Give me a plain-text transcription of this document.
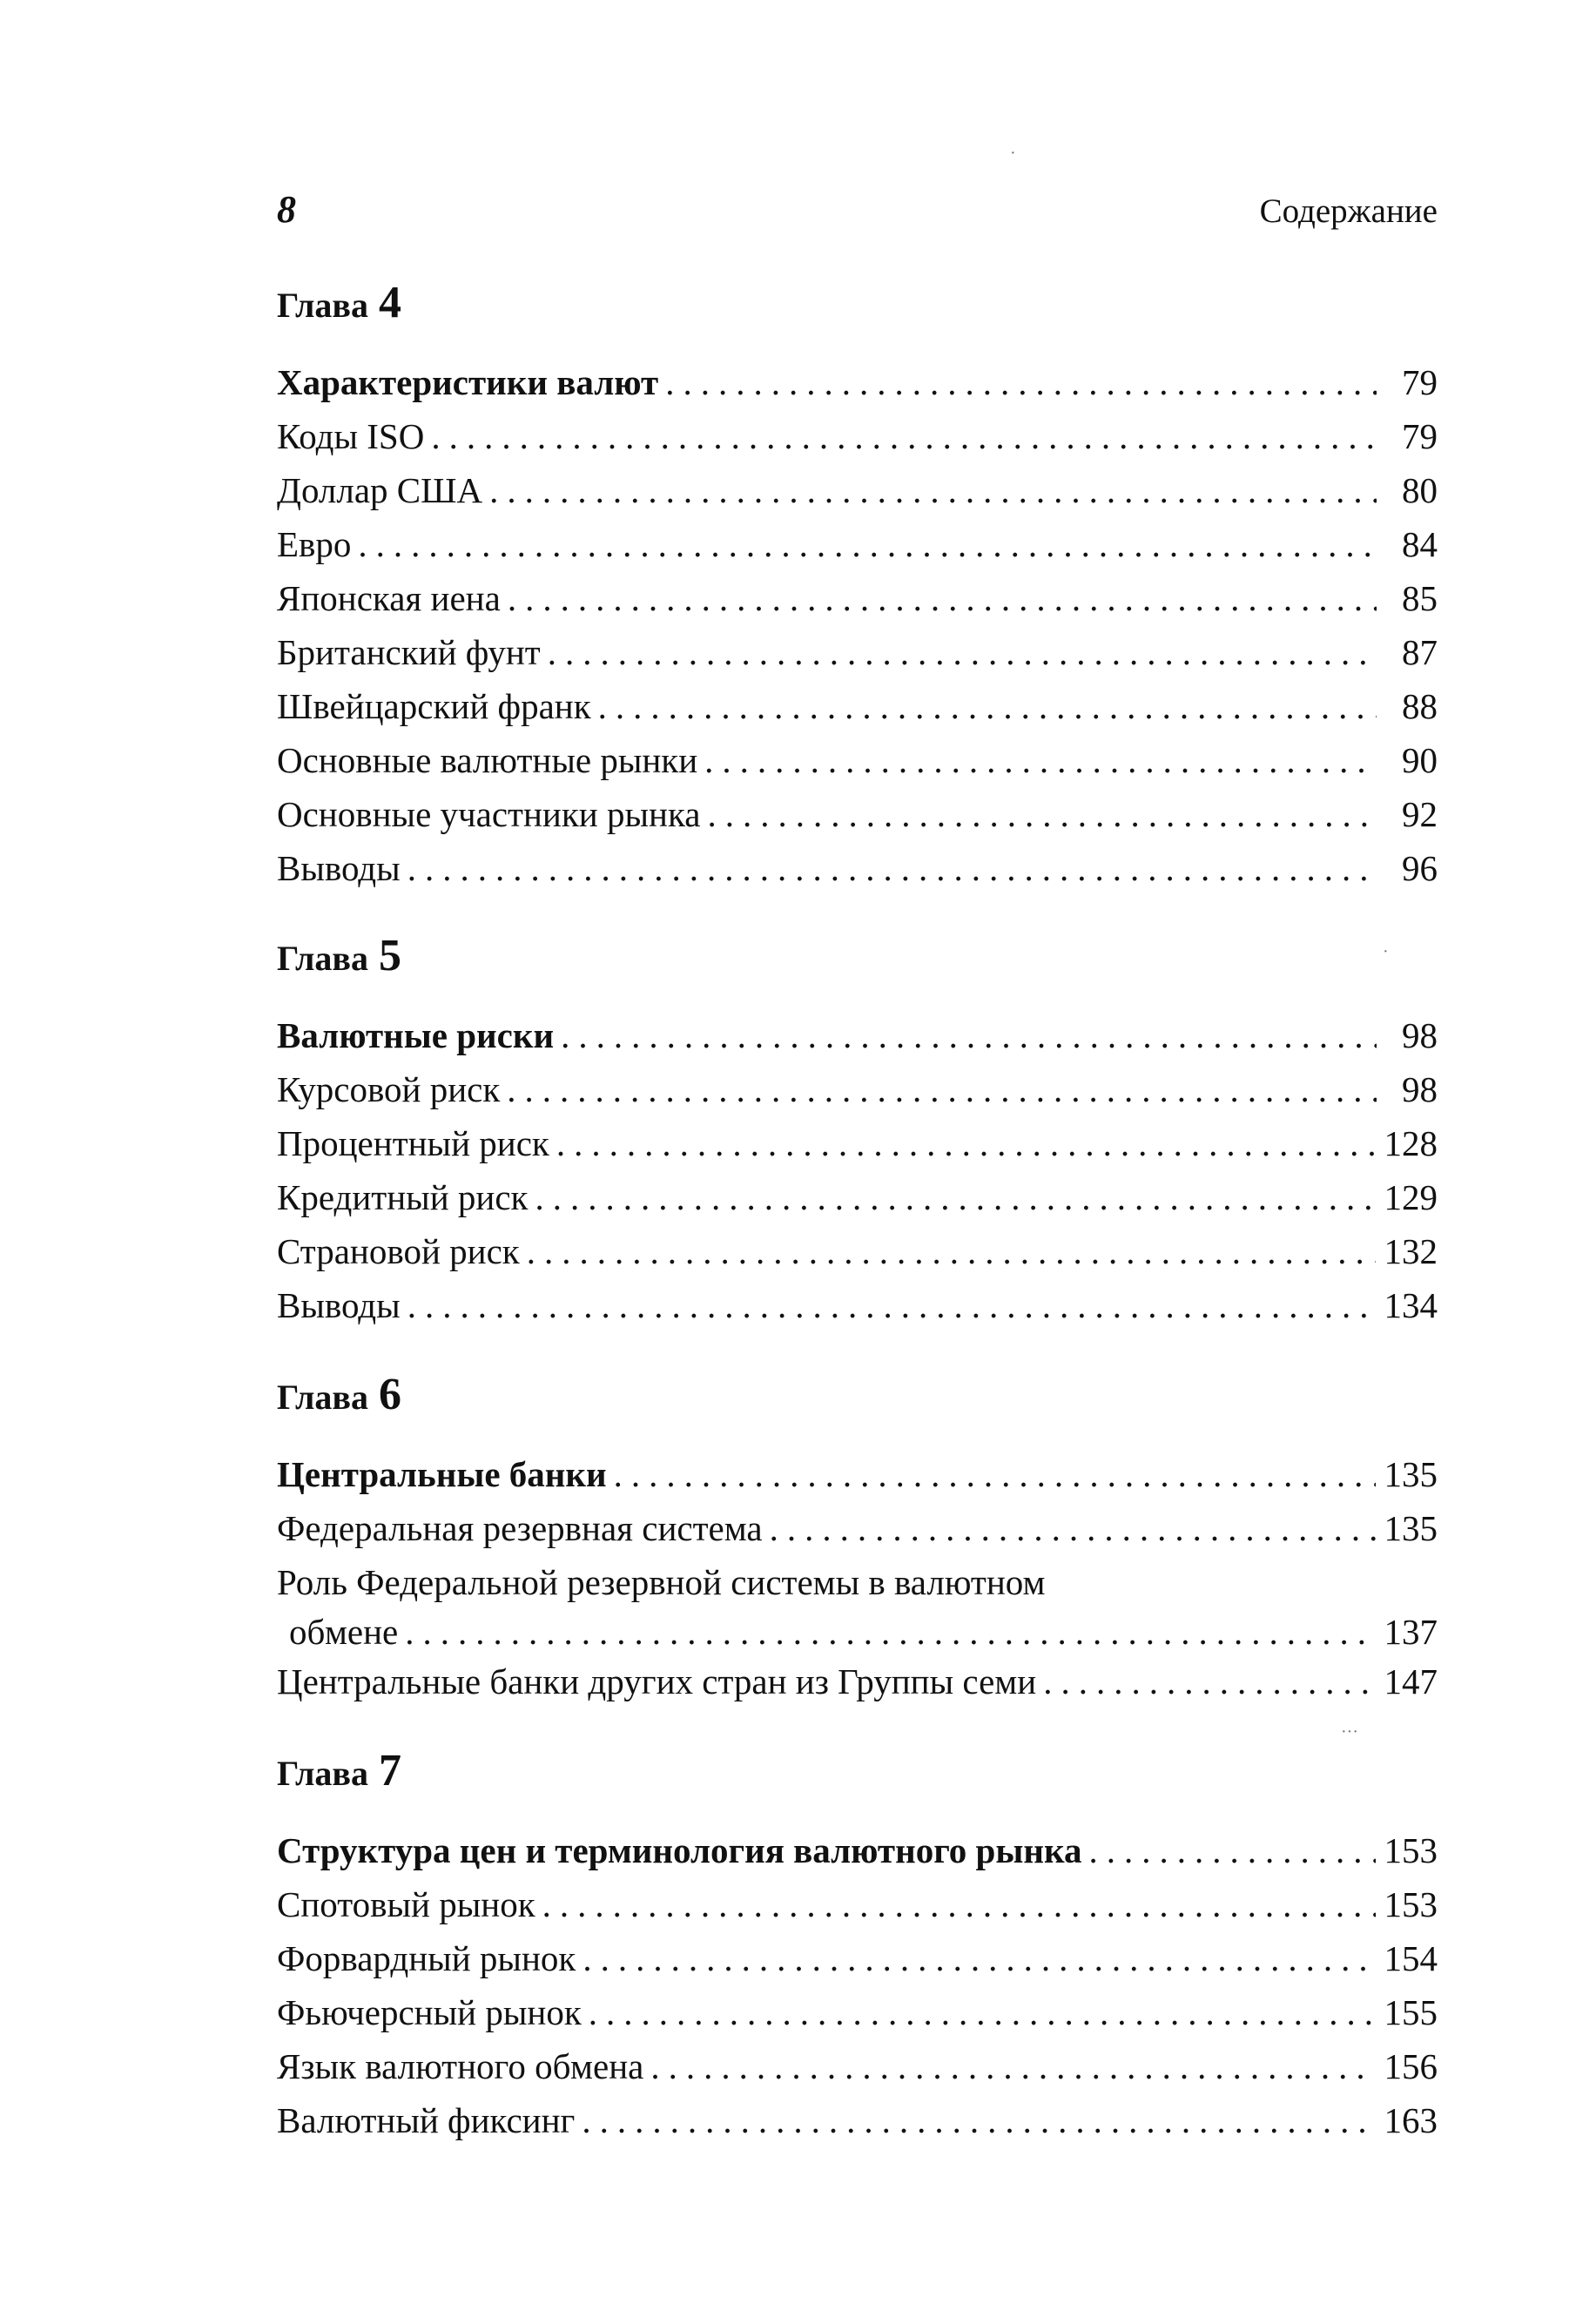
8	Содержание
Глава 4
Характеристики валют .....	79
Коды ISO .....	79
Доллар США .....	80
Евро .....	84
Японская иена .....	85
Британский фунт .....	87
Швейцарский франк .....	88
Основные валютные рынки .....	90
Основные участники рынка .....	92
Выводы .....	96
Глава 5
Валютные риски .....	98
Курсовой риск .....	98
Процентный риск .....	128
Кредитный риск .....	129
Страновой риск .....	132
Выводы .....	134
Глава 6
Центральные банки .....	135
Федеральная резервная система .....	135
Роль Федеральной резервной системы в валютном
обмене .....	137
Центральные банки других стран из Группы семи .....	147
Глава 7
Структура цен и терминология валютного рынка .....	153
Спотовый рынок .....	153
Форвардный рынок .....	154
Фьючерсный рынок .....	155
Язык валютного обмена .....	156
Валютный фиксинг .....	163
·
·
···
